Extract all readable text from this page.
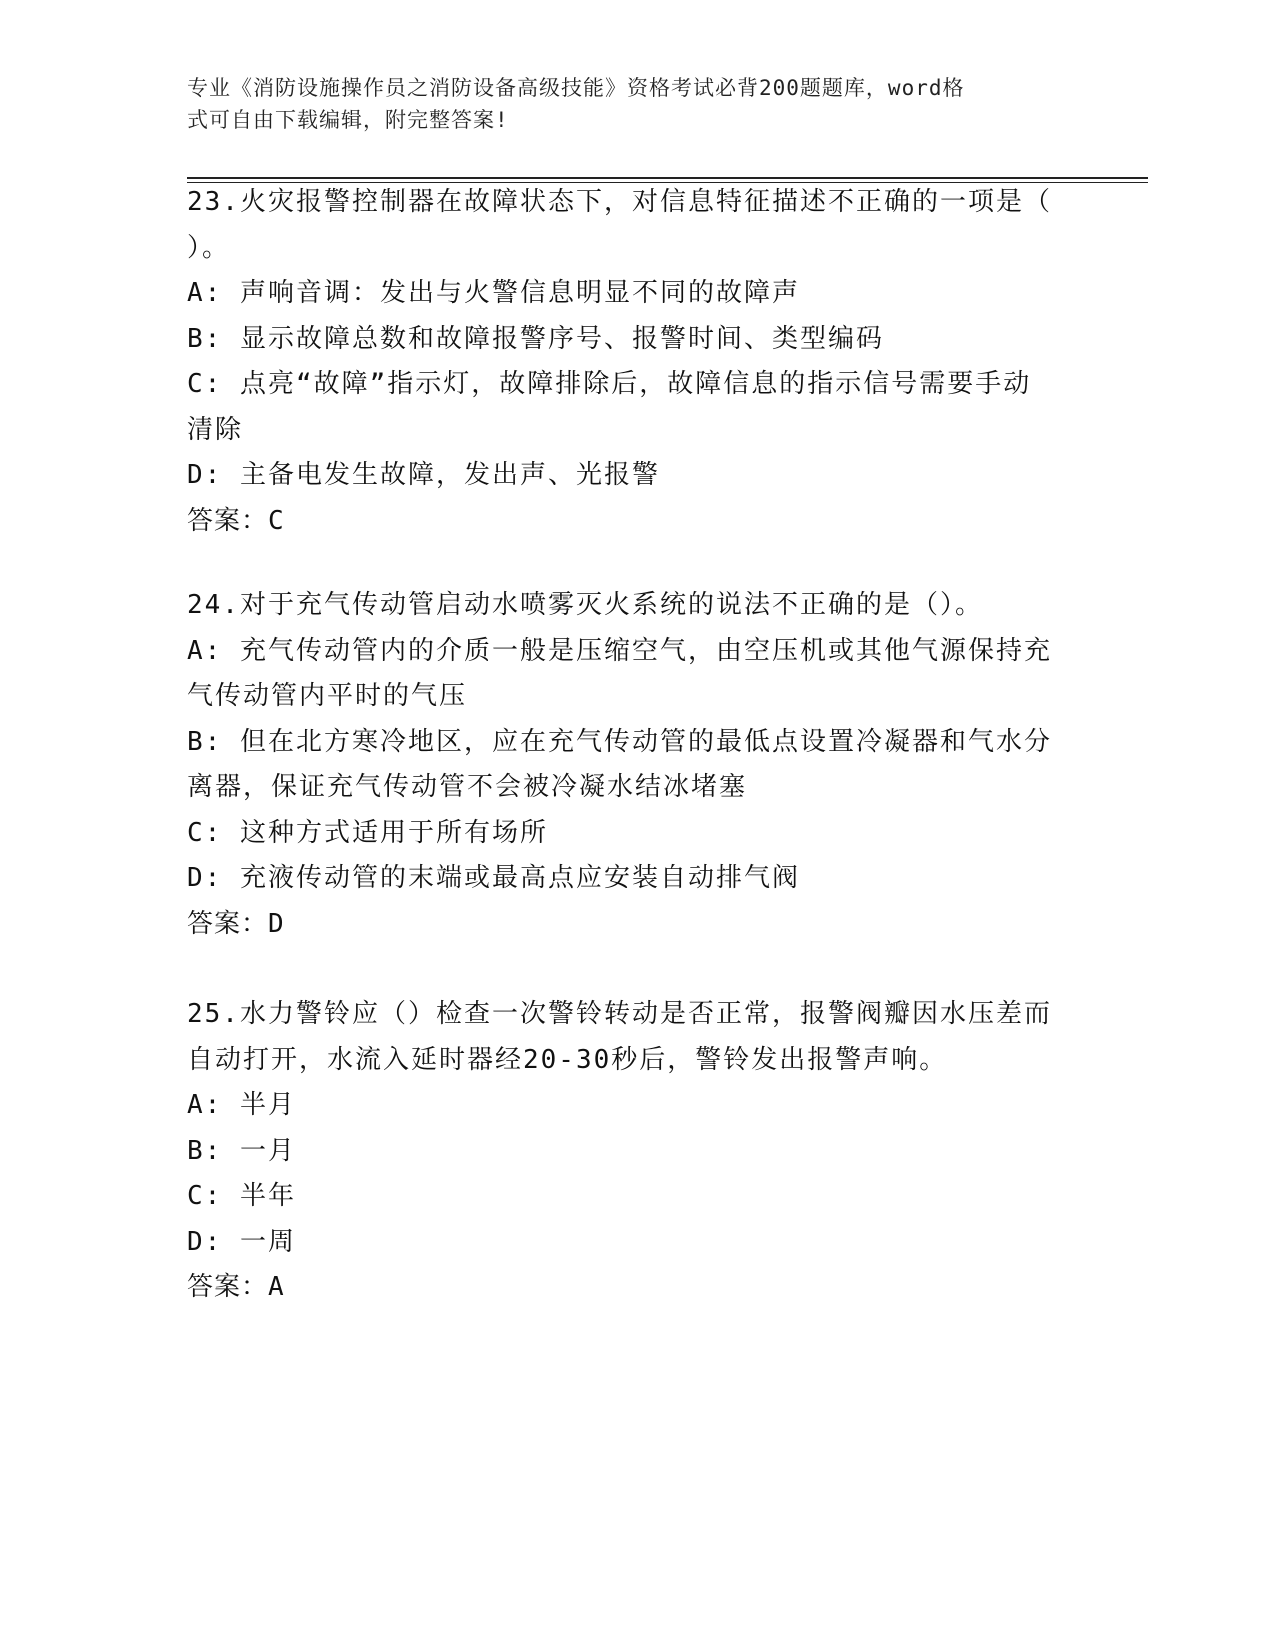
专业《消防设施操作员之消防设备高级技能》资格考试必背200题题库，word格
式可自由下载编辑，附完整答案!
23.火灾报警控制器在故障状态下，对信息特征描述不正确的一项是（
）。
A: 声响音调：发出与火警信息明显不同的故障声
B: 显示故障总数和故障报警序号、报警时间、类型编码
C: 点亮“故障”指示灯，故障排除后，故障信息的指示信号需要手动
清除
D: 主备电发生故障，发出声、光报警
答案：C
24.对于充气传动管启动水喷雾灭火系统的说法不正确的是（）。
A: 充气传动管内的介质一般是压缩空气，由空压机或其他气源保持充
气传动管内平时的气压
B: 但在北方寒冷地区，应在充气传动管的最低点设置冷凝器和气水分
离器，保证充气传动管不会被冷凝水结冰堵塞
C: 这种方式适用于所有场所
D: 充液传动管的末端或最高点应安装自动排气阀
答案：D
25.水力警铃应（）检查一次警铃转动是否正常，报警阀瓣因水压差而
自动打开，水流入延时器经20-30秒后，警铃发出报警声响。
A: 半月
B: 一月
C: 半年
D: 一周
答案：A
